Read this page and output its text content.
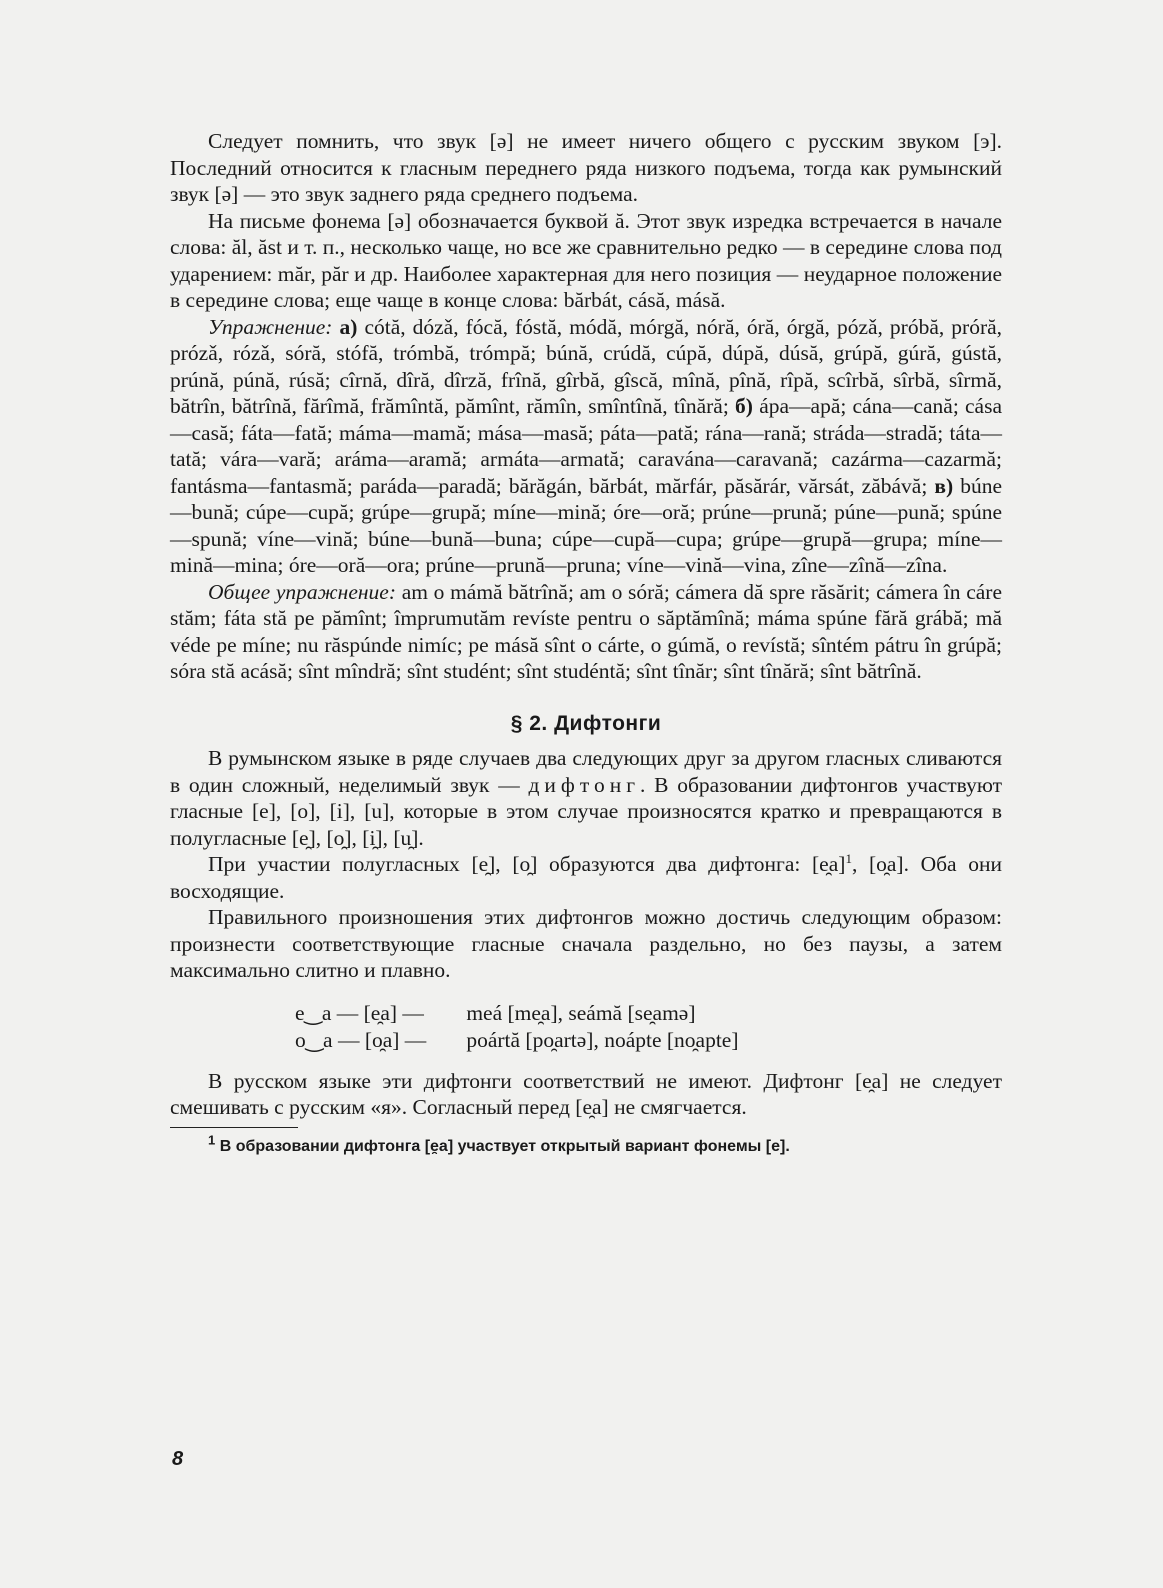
Следует помнить, что звук [ə] не имеет ничего общего с русским звуком [э]. Последний относится к гласным переднего ряда низкого подъема, тогда как румынский звук [ə] — это звук заднего ряда среднего подъема.

На письме фонема [ə] обозначается буквой ă. Этот звук изредка встречается в начале слова: ăl, ăst и т. п., несколько чаще, но все же сравнительно редко — в середине слова под ударением: măr, păr и др. Наиболее характерная для него позиция — неударное положение в середине слова; еще чаще в конце слова: bărbát, cásă, másă.

Упражнение: а) cótă, dózǎ, fócă, fóstă, módă, mórgă, nóră, óră, órgă, pózǎ, próbă, próră, prózǎ, rózǎ, sóră, stófă, trómbă, trómpă; búnă, crúdă, cúpă, dúpă, dúsă, grúpă, gúră, gústă, prúnă, púnă, rúsă; cîrnă, dîră, dîrză, frînă, gîrbă, gîscă, mînă, pînă, rîpă, scîrbă, sîrbă, sîrmă, bătrîn, bătrînă, fărîmă, frămîntă, pămînt, rămîn, smîntînă, tînără; б) ápa—apă; cána—cană; cása—casă; fáta—fată; máma—mamă; mása—masă; páta—pată; rána—rană; stráda—stradă; táta—tată; vára—vară; aráma—aramă; armáta—armată; caravána—caravană; cazárma—cazarmă; fantásma—fantasmă; paráda—paradă; bărăgán, bărbát, mărfár, păsărár, vărsát, zăbávă; в) búne—bună; cúpe—cupă; grúpe—grupă; míne—mină; óre—oră; prúne—prună; púne—pună; spúne—spună; víne—vină; búne—bună—buna; cúpe—cupă—cupa; grúpe—grupă—grupa; míne—mină—mina; óre—oră—ora; prúne—prună—pruna; víne—vină—vina, zîne—zînă—zîna.

Общее упражнение: am o mámă bătrînă; am o sóră; cámera dă spre răsărit; cámera în cáre stăm; fáta stă pe pămînt; împrumutăm revíste pentru o săptămînă; máma spúne fără grábă; mă véde pe míne; nu răspúnde nimíc; pe másă sînt o cárte, o gúmă, o revístă; sîntém pátru în grúpă; sóra stă acásă; sînt mîndră; sînt studént; sînt studéntă; sînt tînăr; sînt tînără; sînt bătrînă.

§ 2. Дифтонги

В румынском языке в ряде случаев два следующих друг за другом гласных сливаются в один сложный, неделимый звук — дифтонг. В образовании дифтонгов участвуют гласные [e], [o], [i], [u], которые в этом случае произносятся кратко и превращаются в полугласные [e̯], [o̯], [i̯], [u̯].

При участии полугласных [e̯], [o̯] образуются два дифтонга: [e̯a]$^1$, [o̯a]. Оба они восходящие.

Правильного произношения этих дифтонгов можно достичь следующим образом: произнести соответствующие гласные сначала раздельно, но без паузы, а затем максимально слитно и плавно.

e‿a — [e̯a] —	meá [me̯a], seámă [se̯amə]
o‿a — [o̯a] —	poártă [po̯artə], noápte [no̯apte]

В русском языке эти дифтонги соответствий не имеют. Дифтонг [e̯a] не следует смешивать с русским «я». Согласный перед [e̯a] не смягчается.

$^1$ В образовании дифтонга [e̯a] участвует открытый вариант фонемы [e].

8
